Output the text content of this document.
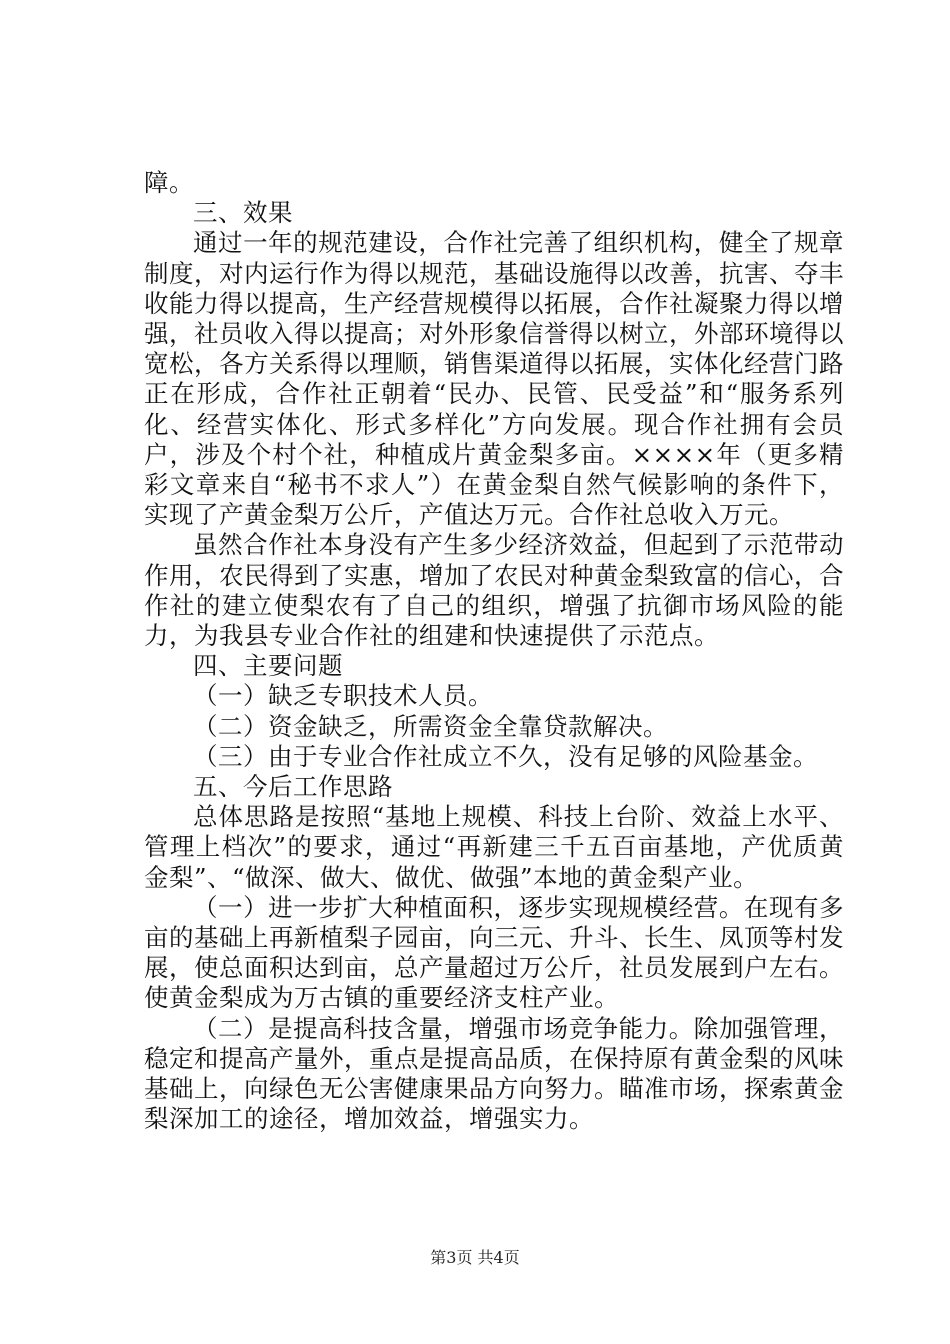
障。

三、效果

通过一年的规范建设，合作社完善了组织机构，健全了规章制度，对内运行作为得以规范，基础设施得以改善，抗害、夺丰收能力得以提高，生产经营规模得以拓展，合作社凝聚力得以增强，社员收入得以提高；对外形象信誉得以树立，外部环境得以宽松，各方关系得以理顺，销售渠道得以拓展，实体化经营门路正在形成，合作社正朝着“民办、民管、民受益”和“服务系列化、经营实体化、形式多样化”方向发展。现合作社拥有会员户，涉及个村个社，种植成片黄金梨多亩。××××年（更多精彩文章来自“秘书不求人”）在黄金梨自然气候影响的条件下，实现了产黄金梨万公斤，产值达万元。合作社总收入万元。

虽然合作社本身没有产生多少经济效益，但起到了示范带动作用，农民得到了实惠，增加了农民对种黄金梨致富的信心，合作社的建立使梨农有了自己的组织，增强了抗御市场风险的能力，为我县专业合作社的组建和快速提供了示范点。

四、主要问题

（一）缺乏专职技术人员。

（二）资金缺乏，所需资金全靠贷款解决。

（三）由于专业合作社成立不久，没有足够的风险基金。

五、今后工作思路

总体思路是按照“基地上规模、科技上台阶、效益上水平、管理上档次”的要求，通过“再新建三千五百亩基地，产优质黄金梨”、“做深、做大、做优、做强”本地的黄金梨产业。

（一）进一步扩大种植面积，逐步实现规模经营。在现有多亩的基础上再新植梨子园亩，向三元、升斗、长生、凤顶等村发展，使总面积达到亩，总产量超过万公斤，社员发展到户左右。使黄金梨成为万古镇的重要经济支柱产业。

（二）是提高科技含量，增强市场竞争能力。除加强管理，稳定和提高产量外，重点是提高品质，在保持原有黄金梨的风味基础上，向绿色无公害健康果品方向努力。瞄准市场，探索黄金梨深加工的途径，增加效益，增强实力。

第3页 共4页
